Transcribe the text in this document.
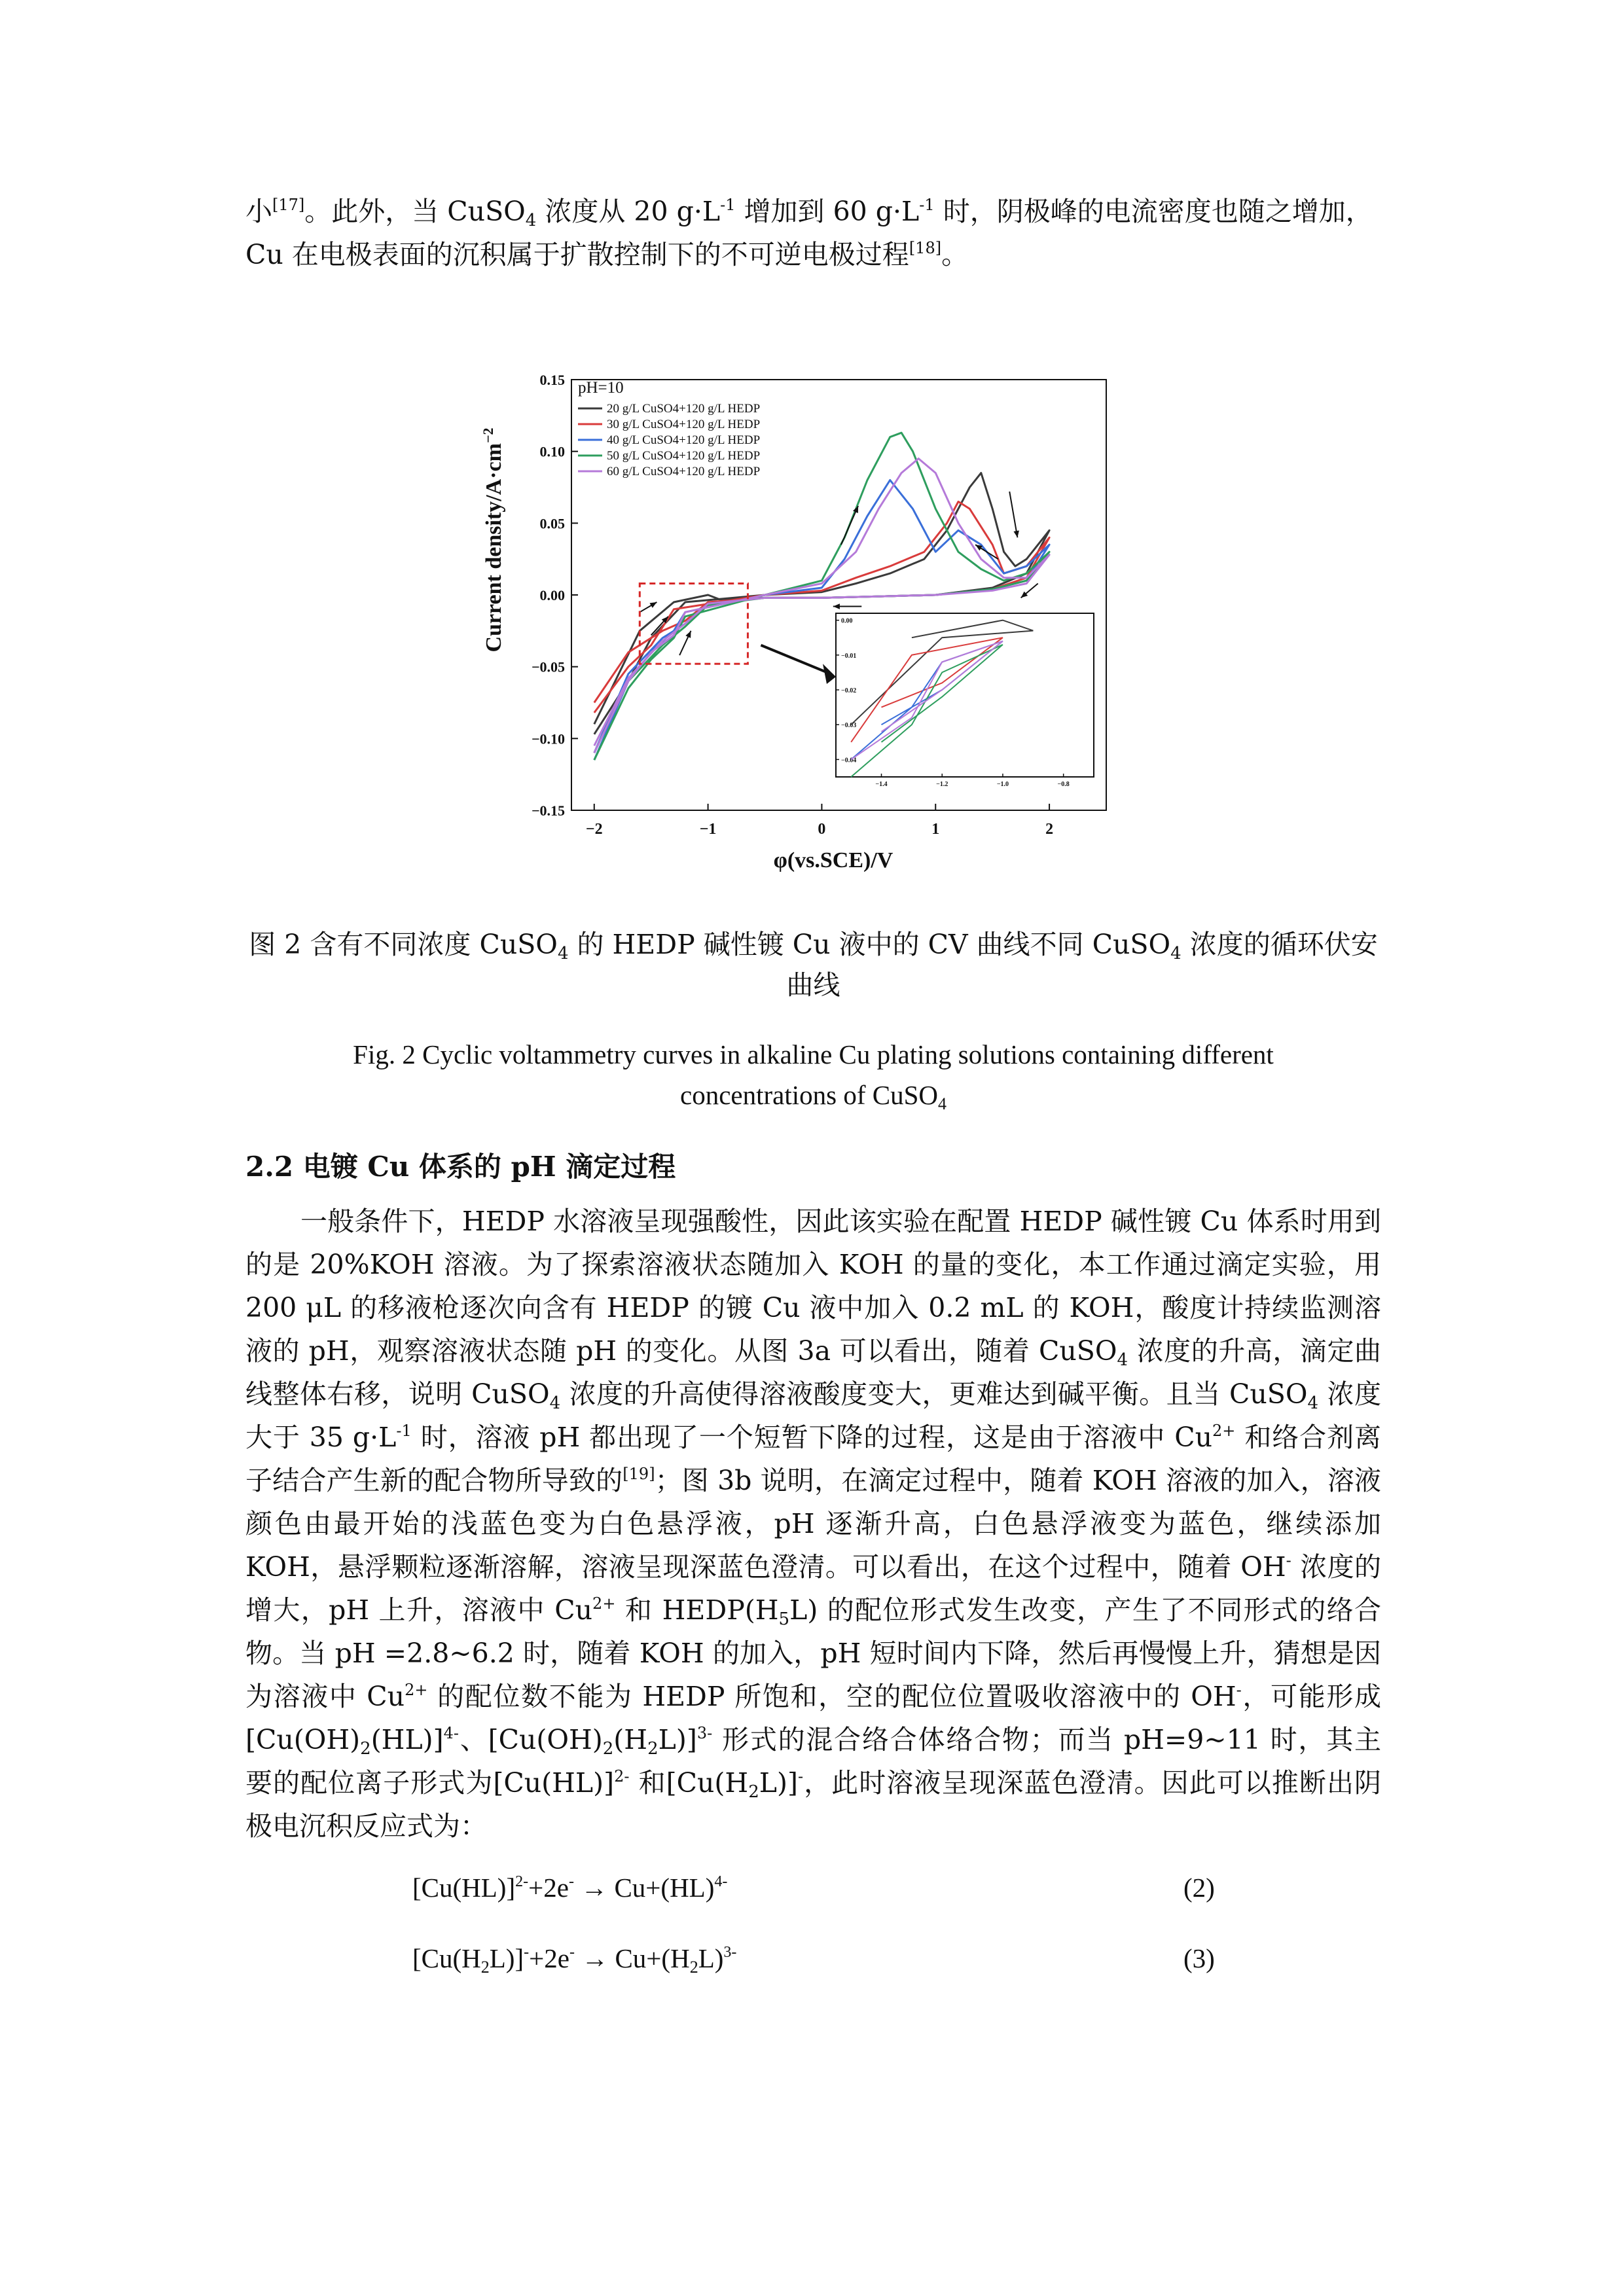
小[17]。此外，当 CuSO$_4$ 浓度从 20 $g\cdot L^{-1}$ 增加到 60 $g\cdot L^{-1}$ 时，阴极峰的电流密度也随之增加，

Cu 在电极表面的沉积属于扩散控制下的不可逆电极过程[18]。

−2	−1	0	1	2
0.15
0.10
0.05
0.00
−0.05
−0.10
−0.15
−1.4	−1.2	−1.0	−0.8
0.00
−0.01
−0.02
−0.03
−0.04
20 g/L CuSO4+120 g/L HEDP
30 g/L CuSO4+120 g/L HEDP
40 g/L CuSO4+120 g/L HEDP
50 g/L CuSO4+120 g/L HEDP
60 g/L CuSO4+120 g/L HEDP
pH=10
φ(vs.SCE)/V
Current density/$A\cdot cm^{-2}$
图 2 含有不同浓度 CuSO$_4$ 的 HEDP 碱性镀 Cu 液中的 CV 曲线不同 CuSO$_4$ 浓度的循环伏安
曲线
Fig. 2 Cyclic voltammetry curves in alkaline Cu plating solutions containing different
concentrations of CuSO$_4$
2.2 电镀 Cu 体系的 pH 滴定过程

一般条件下，HEDP 水溶液呈现强酸性，因此该实验在配置 HEDP 碱性镀 Cu 体系时用到的是 20%KOH 溶液。为了探索溶液状态随加入 KOH 的量的变化，本工作通过滴定实验，用 200 μL 的移液枪逐次向含有 HEDP 的镀 Cu 液中加入 0.2 mL 的 KOH，酸度计持续监测溶液的 pH，观察溶液状态随 pH 的变化。从图 3a 可以看出，随着 CuSO$_4$ 浓度的升高，滴定曲线整体右移，说明 CuSO$_4$ 浓度的升高使得溶液酸度变大，更难达到碱平衡。且当 CuSO$_4$ 浓度大于 35 $g\cdot L^{-1}$ 时，溶液 pH 都出现了一个短暂下降的过程，这是由于溶液中 $Cu^{2+}$ 和络合剂离子结合产生新的配合物所导致的[19]；图 3b 说明，在滴定过程中，随着 KOH 溶液的加入，溶液颜色由最开始的浅蓝色变为白色悬浮液，pH 逐渐升高，白色悬浮液变为蓝色，继续添加 KOH，悬浮颗粒逐渐溶解，溶液呈现深蓝色澄清。可以看出，在这个过程中，随着 OH- 浓度的增大，pH 上升，溶液中 $Cu^{2+}$ 和 $HEDP(H_5L)$ 的配位形式发生改变，产生了不同形式的络合物。当 pH =2.8~6.2 时，随着 KOH 的加入，pH 短时间内下降，然后再慢慢上升，猜想是因为溶液中 $Cu^{2+}$ 的配位数不能为 HEDP 所饱和，空的配位位置吸收溶液中的 OH-，可能形成$[Cu(OH)_2(HL)]^{4-}$、$[Cu(OH)_2(H_2L)]^{3-}$ 形式的混合络合体络合物；而当 pH=9~11 时，其主要的配位离子形式为$[Cu(HL)]^{2-}$ 和$[Cu(H_2L)]^-$，此时溶液呈现深蓝色澄清。因此可以推断出阴极电沉积反应式为：

$[Cu(HL)]^{2-}+2e^- \to Cu+(HL)^{4-}$	(2)
$[Cu(H_2L)]^-+2e^- \to Cu+(H_2L)^{3-}$	(3)
